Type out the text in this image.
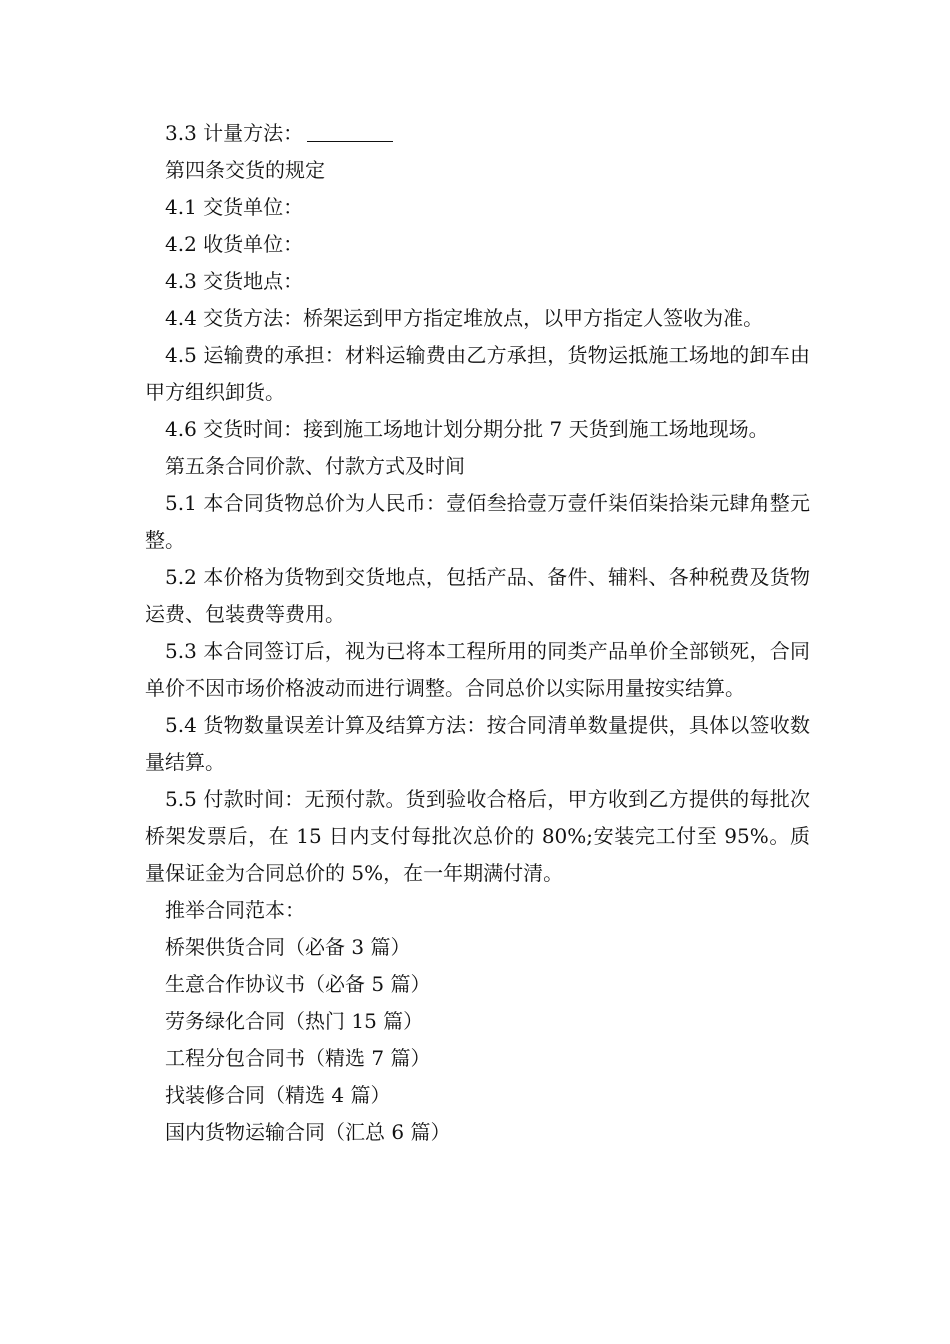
3.3 计量方法：

第四条交货的规定

4.1 交货单位：

4.2 收货单位：

4.3 交货地点：

4.4 交货方法：桥架运到甲方指定堆放点，以甲方指定人签收为准。

4.5 运输费的承担：材料运输费由乙方承担，货物运抵施工场地的卸车由甲方组织卸货。

4.6 交货时间：接到施工场地计划分期分批 7 天货到施工场地现场。

第五条合同价款、付款方式及时间

5.1 本合同货物总价为人民币：壹佰叁拾壹万壹仟柒佰柒拾柒元肆角整元整。

5.2 本价格为货物到交货地点，包括产品、备件、辅料、各种税费及货物运费、包装费等费用。

5.3 本合同签订后，视为已将本工程所用的同类产品单价全部锁死，合同单价不因市场价格波动而进行调整。合同总价以实际用量按实结算。

5.4 货物数量误差计算及结算方法：按合同清单数量提供，具体以签收数量结算。

5.5 付款时间：无预付款。货到验收合格后，甲方收到乙方提供的每批次桥架发票后，在 15 日内支付每批次总价的 80%;安装完工付至 95%。质量保证金为合同总价的 5%，在一年期满付清。

推举合同范本：

桥架供货合同（必备 3 篇）

生意合作协议书（必备 5 篇）

劳务绿化合同（热门 15 篇）

工程分包合同书（精选 7 篇）

找装修合同（精选 4 篇）

国内货物运输合同（汇总 6 篇）
